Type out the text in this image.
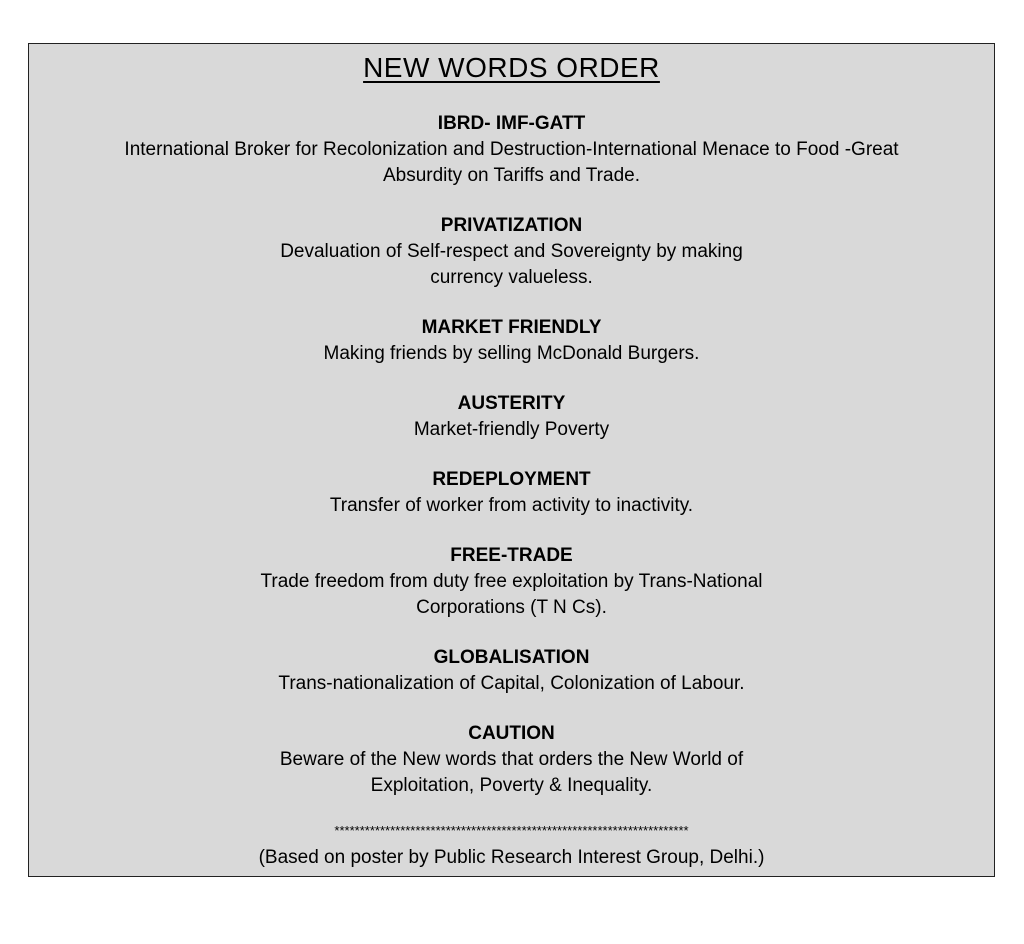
NEW WORDS ORDER
IBRD- IMF-GATT
International Broker for Recolonization and Destruction-International Menace to Food -Great
Absurdity on Tariffs and Trade.
PRIVATIZATION
Devaluation of Self-respect and Sovereignty by making
currency valueless.
MARKET FRIENDLY
Making friends by selling McDonald Burgers.
AUSTERITY
Market-friendly Poverty
REDEPLOYMENT
Transfer of worker from activity to inactivity.
FREE-TRADE
Trade freedom from duty free exploitation by Trans-National
Corporations (T N Cs).
GLOBALISATION
Trans-nationalization of Capital, Colonization of Labour.
CAUTION
Beware of the New words that orders the New World of
Exploitation, Poverty & Inequality.
**********************************************************************
(Based on poster by Public Research Interest Group, Delhi.)
